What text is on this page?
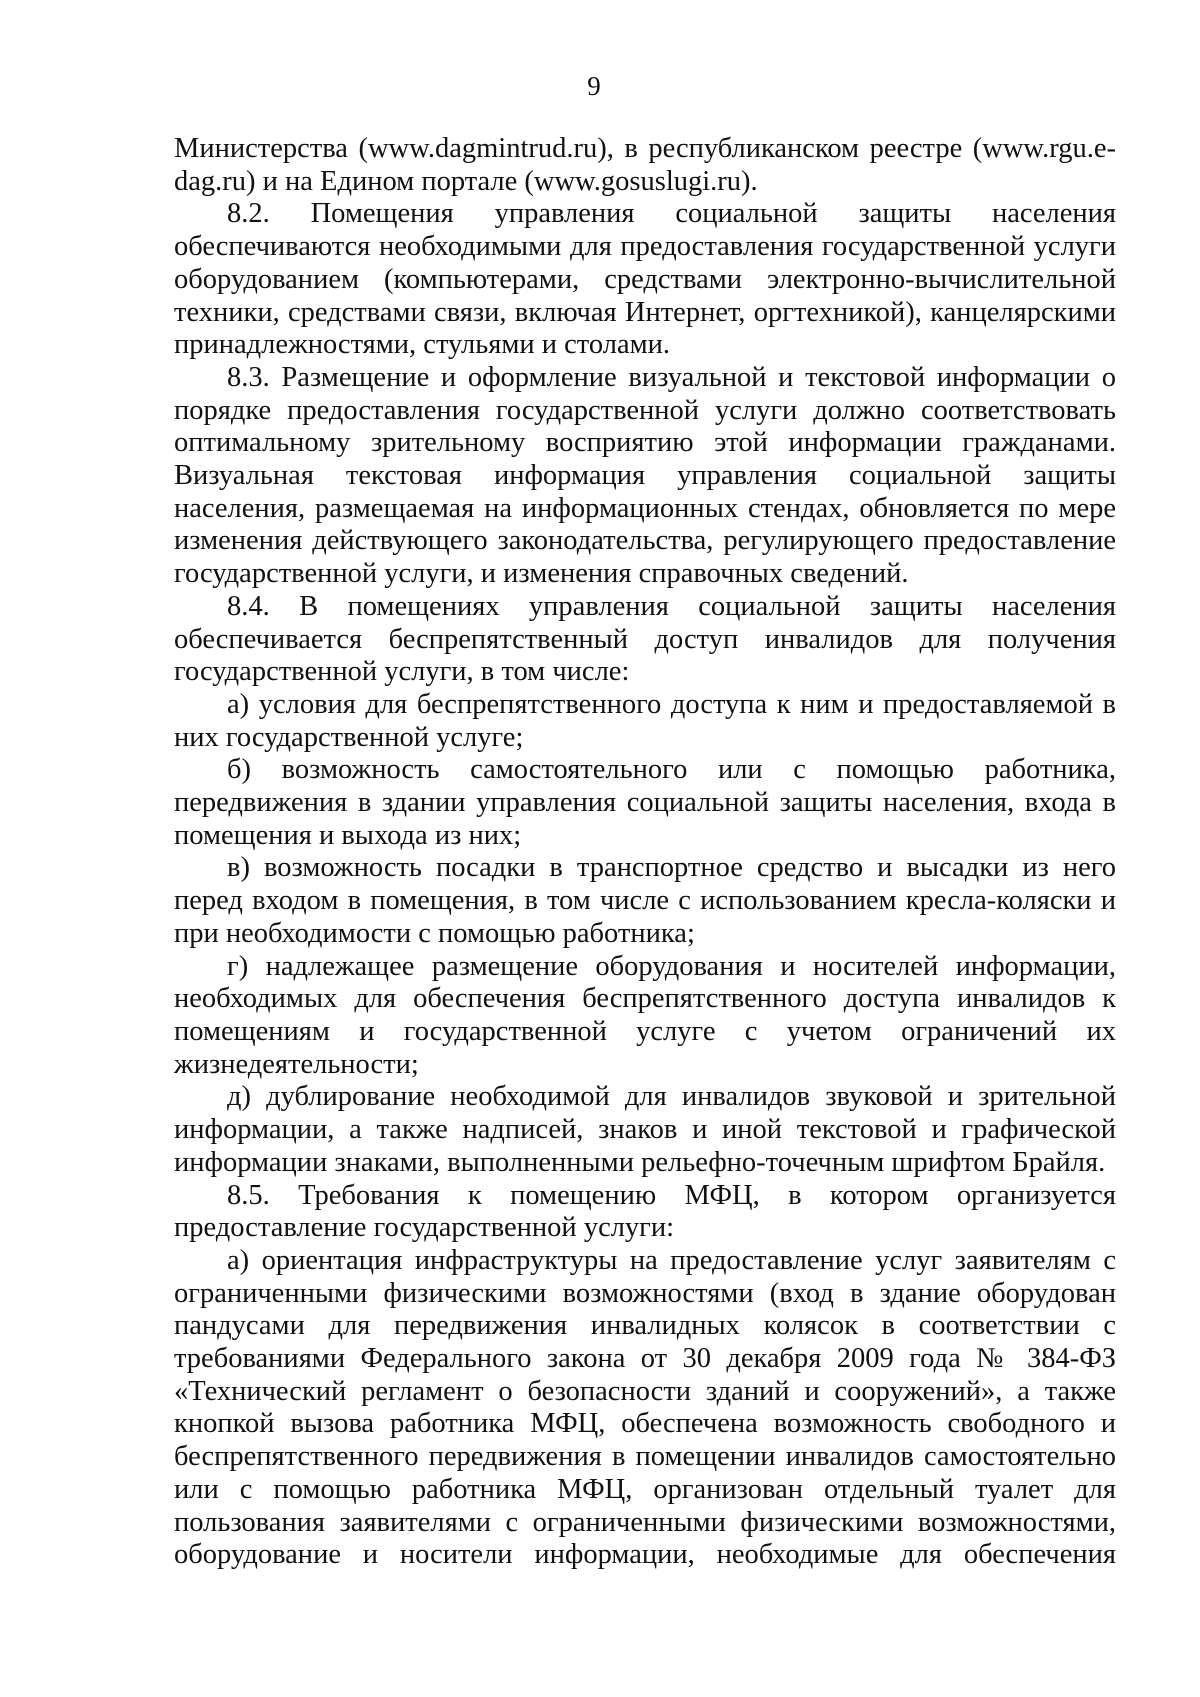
9

Министерства (www.dagmintrud.ru), в республиканском реестре (www.rgu.e-dag.ru) и на Едином портале (www.gosuslugi.ru).

8.2. Помещения управления социальной защиты населения обеспечиваются необходимыми для предоставления государственной услуги оборудованием (компьютерами, средствами электронно-вычислительной техники, средствами связи, включая Интернет, оргтехникой), канцелярскими принадлежностями, стульями и столами.

8.3. Размещение и оформление визуальной и текстовой информации о порядке предоставления государственной услуги должно соответствовать оптимальному зрительному восприятию этой информации гражданами. Визуальная текстовая информация управления социальной защиты населения, размещаемая на информационных стендах, обновляется по мере изменения действующего законодательства, регулирующего предоставление государственной услуги, и изменения справочных сведений.

8.4. В помещениях управления социальной защиты населения обеспечивается беспрепятственный доступ инвалидов для получения государственной услуги, в том числе:

а) условия для беспрепятственного доступа к ним и предоставляемой в них государственной услуге;

б) возможность самостоятельного или с помощью работника, передвижения в здании управления социальной защиты населения, входа в помещения и выхода из них;

в) возможность посадки в транспортное средство и высадки из него перед входом в помещения, в том числе с использованием кресла-коляски и при необходимости с помощью работника;

г) надлежащее размещение оборудования и носителей информации, необходимых для обеспечения беспрепятственного доступа инвалидов к помещениям и государственной услуге с учетом ограничений их жизнедеятельности;

д) дублирование необходимой для инвалидов звуковой и зрительной информации, а также надписей, знаков и иной текстовой и графической информации знаками, выполненными рельефно-точечным шрифтом Брайля.

8.5. Требования к помещению МФЦ, в котором организуется предоставление государственной услуги:

а) ориентация инфраструктуры на предоставление услуг заявителям с ограниченными физическими возможностями (вход в здание оборудован пандусами для передвижения инвалидных колясок в соответствии с требованиями Федерального закона от 30 декабря 2009 года № 384-ФЗ «Технический регламент о безопасности зданий и сооружений», а также кнопкой вызова работника МФЦ, обеспечена возможность свободного и беспрепятственного передвижения в помещении инвалидов самостоятельно или с помощью работника МФЦ, организован отдельный туалет для пользования заявителями с ограниченными физическими возможностями, оборудование и носители информации, необходимые для обеспечения
